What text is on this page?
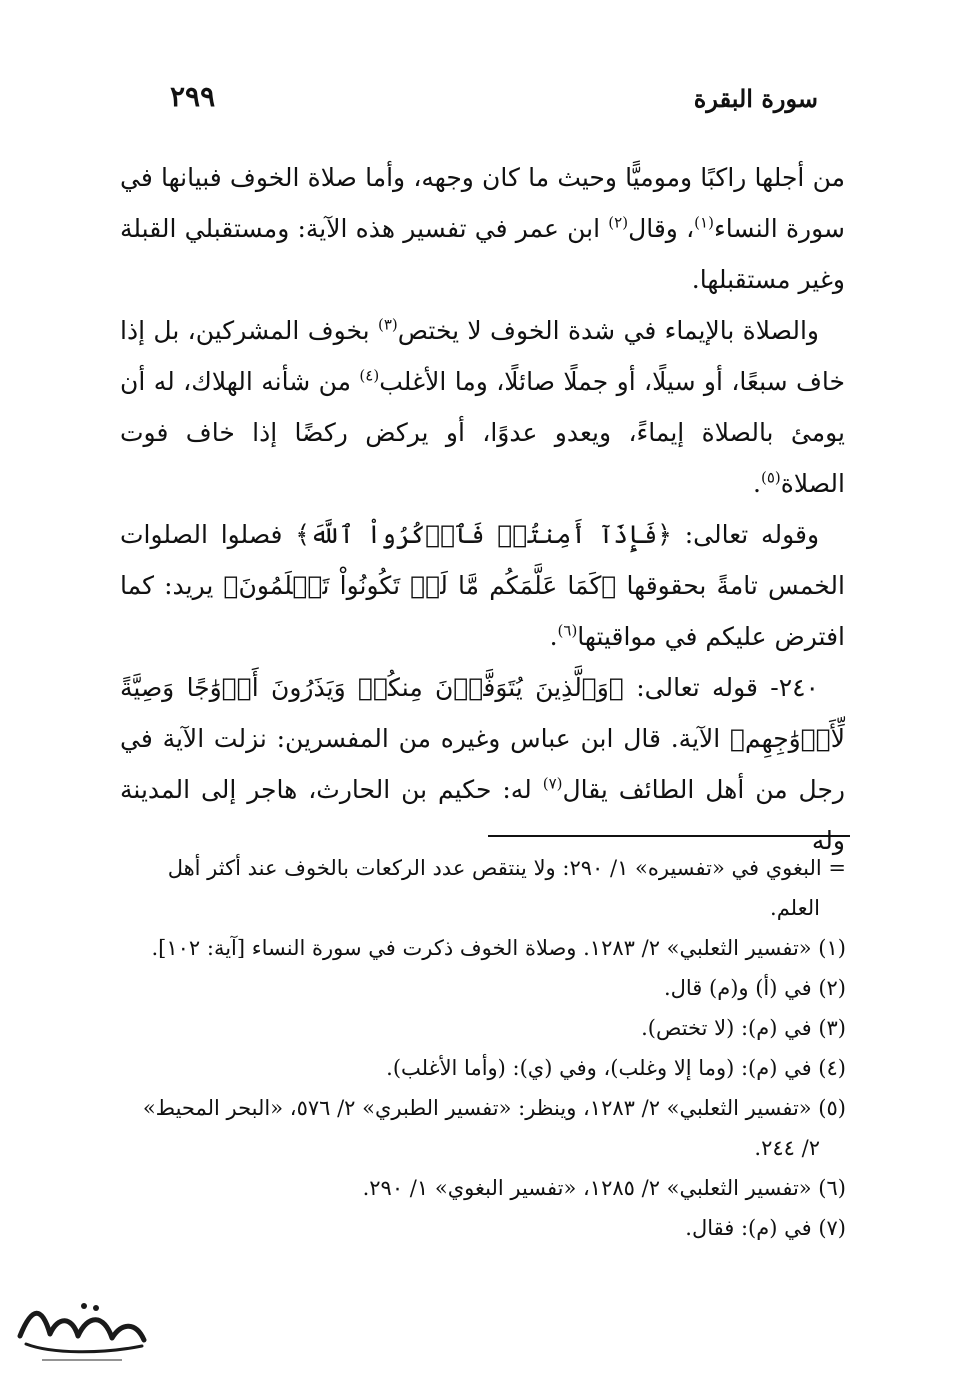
سورة البقرة
٢٩٩

من أجلها راكبًا وموميًّا وحيث ما كان وجهه، وأما صلاة الخوف فبيانها في سورة النساء$^{(١)}$، وقال$^{(٢)}$ ابن عمر في تفسير هذه الآية: ومستقبلي القبلة وغير مستقبلها.

والصلاة بالإيماء في شدة الخوف لا يختص$^{(٣)}$ بخوف المشركين، بل إذا خاف سبعًا، أو سيلًا، أو جملًا صائلًا، وما الأغلب$^{(٤)}$ من شأنه الهلاك، له أن يومئ بالصلاة إيماءً، ويعدو عدوًا، أو يركض ركضًا إذا خاف فوت الصلاة$^{(٥)}$.

وقوله تعالى: ﴿فَإِذَآ أَمِنتُمۡ فَٱذۡكُرُواْ ٱللَّهَ﴾ فصلوا الصلوات الخمس تامةً بحقوقها ﴿كَمَا عَلَّمَكُم مَّا لَمۡ تَكُونُواْ تَعۡلَمُونَ﴾ يريد: كما افترض عليكم في مواقيتها$^{(٦)}$.

٢٤٠- قوله تعالى: ﴿وَٱلَّذِينَ يُتَوَفَّوۡنَ مِنكُمۡ وَيَذَرُونَ أَزۡوَٰجًا وَصِيَّةً لِّأَزۡوَٰجِهِم﴾ الآية. قال ابن عباس وغيره من المفسرين: نزلت الآية في رجل من أهل الطائف يقال$^{(٧)}$ له: حكيم بن الحارث، هاجر إلى المدينة وله

= البغوي في «تفسيره» ١/ ٢٩٠: ولا ينتقص عدد الركعات بالخوف عند أكثر أهل العلم.

(١) «تفسير الثعلبي» ٢/ ١٢٨٣. وصلاة الخوف ذكرت في سورة النساء [آية: ١٠٢].

(٢) في (أ) و(م) قال.

(٣) في (م): (لا تختص).

(٤) في (م): (وما إلا وغلب)، وفي (ي): (وأما الأغلب).

(٥) «تفسير الثعلبي» ٢/ ١٢٨٣، وينظر: «تفسير الطبري» ٢/ ٥٧٦، «البحر المحيط» ٢/ ٢٤٤.

(٦) «تفسير الثعلبي» ٢/ ١٢٨٥، «تفسير البغوي» ١/ ٢٩٠.

(٧) في (م): فقال.
